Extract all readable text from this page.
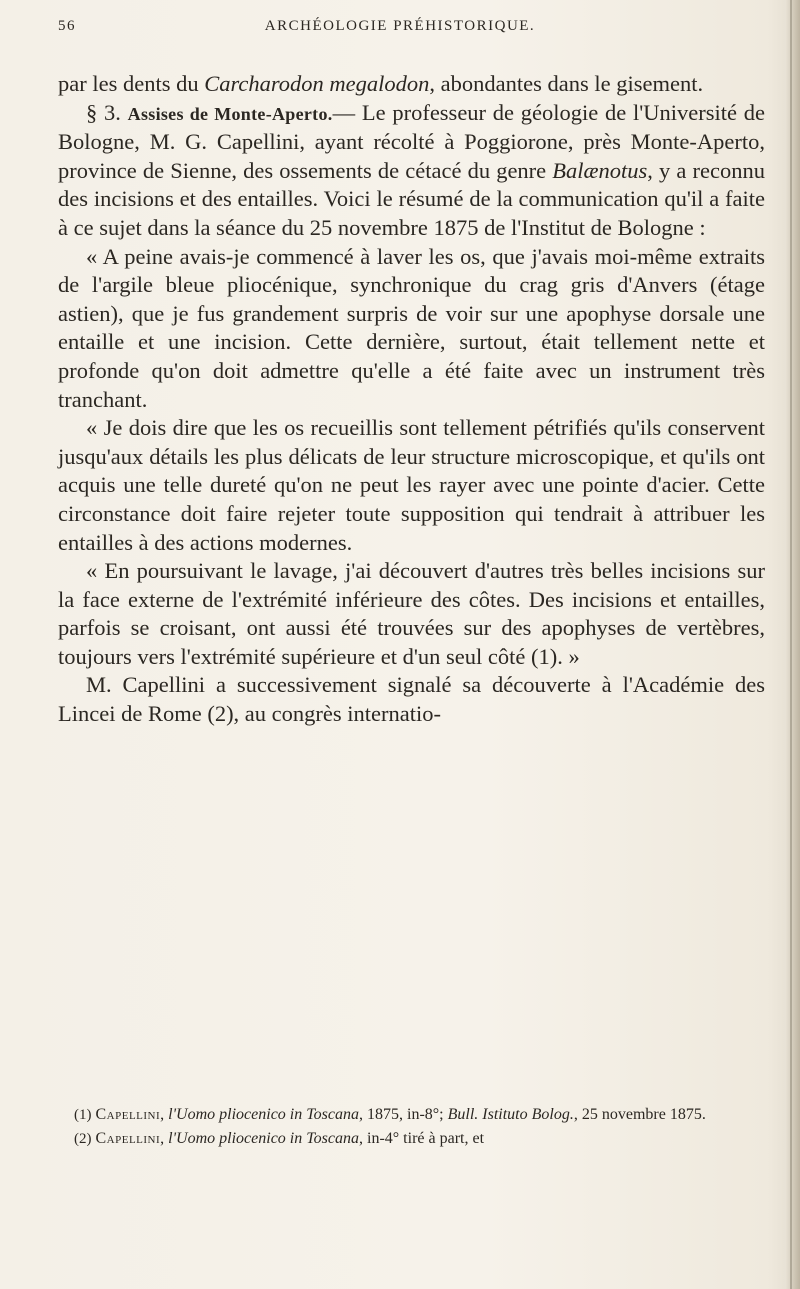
56	ARCHÉOLOGIE PRÉHISTORIQUE.

par les dents du Carcharodon megalodon, abondantes dans le gisement.

§ 3. Assises de Monte-Aperto.— Le professeur de géologie de l'Université de Bologne, M. G. Capellini, ayant récolté à Poggiorone, près Monte-Aperto, province de Sienne, des ossements de cétacé du genre Balænotus, y a reconnu des incisions et des entailles. Voici le résumé de la communication qu'il a faite à ce sujet dans la séance du 25 novembre 1875 de l'Institut de Bologne :

« A peine avais-je commencé à laver les os, que j'avais moi-même extraits de l'argile bleue pliocénique, synchronique du crag gris d'Anvers (étage astien), que je fus grandement surpris de voir sur une apophyse dorsale une entaille et une incision. Cette dernière, surtout, était tellement nette et profonde qu'on doit admettre qu'elle a été faite avec un instrument très tranchant.

« Je dois dire que les os recueillis sont tellement pétrifiés qu'ils conservent jusqu'aux détails les plus délicats de leur structure microscopique, et qu'ils ont acquis une telle dureté qu'on ne peut les rayer avec une pointe d'acier. Cette circonstance doit faire rejeter toute supposition qui tendrait à attribuer les entailles à des actions modernes.

« En poursuivant le lavage, j'ai découvert d'autres très belles incisions sur la face externe de l'extrémité inférieure des côtes. Des incisions et entailles, parfois se croisant, ont aussi été trouvées sur des apophyses de vertèbres, toujours vers l'extrémité supérieure et d'un seul côté (1). »

M. Capellini a successivement signalé sa découverte à l'Académie des Lincei de Rome (2), au congrès internatio-

(1) Capellini, l'Uomo pliocenico in Toscana, 1875, in-8°; Bull. Istituto Bolog., 25 novembre 1875.

(2) Capellini, l'Uomo pliocenico in Toscana, in-4° tiré à part, et
